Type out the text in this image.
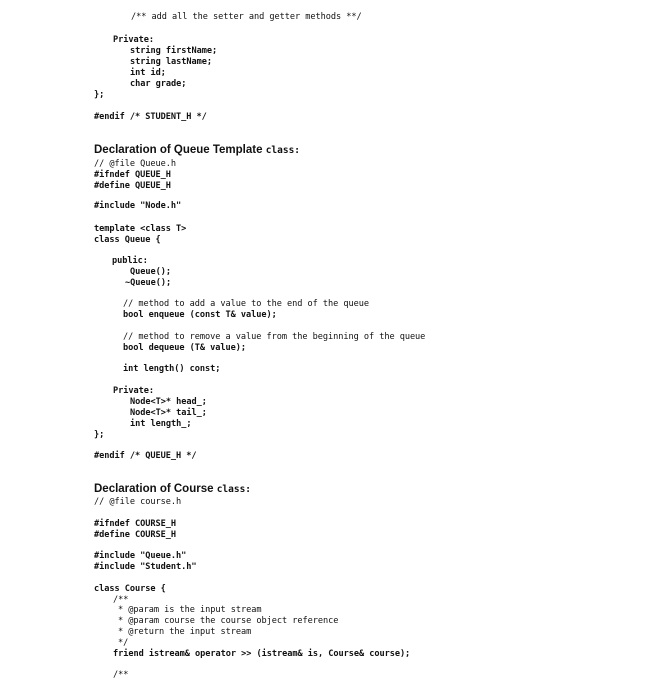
/** add all the setter and getter methods **/
Private:
string firstName;
string lastName;
int id;
char grade;
};
#endif /* STUDENT_H */
Declaration of Queue Template class:
// @file Queue.h
#ifndef QUEUE_H
#define QUEUE_H
#include "Node.h"
template <class T>
class Queue {
public:
Queue();
~Queue();
// method to add a value to the end of the queue
bool enqueue (const T& value);
// method to remove a value from the beginning of the queue
bool dequeue (T& value);
int length() const;
Private:
Node<T>* head_;
Node<T>* tail_;
int length_;
};
#endif /* QUEUE_H */
Declaration of Course class:
// @file course.h
#ifndef COURSE_H
#define COURSE_H
#include "Queue.h"
#include "Student.h"
class Course {
/**
* @param is the input stream
* @param course the course object reference
* @return the input stream
*/
friend istream& operator >> (istream& is, Course& course);
/**
